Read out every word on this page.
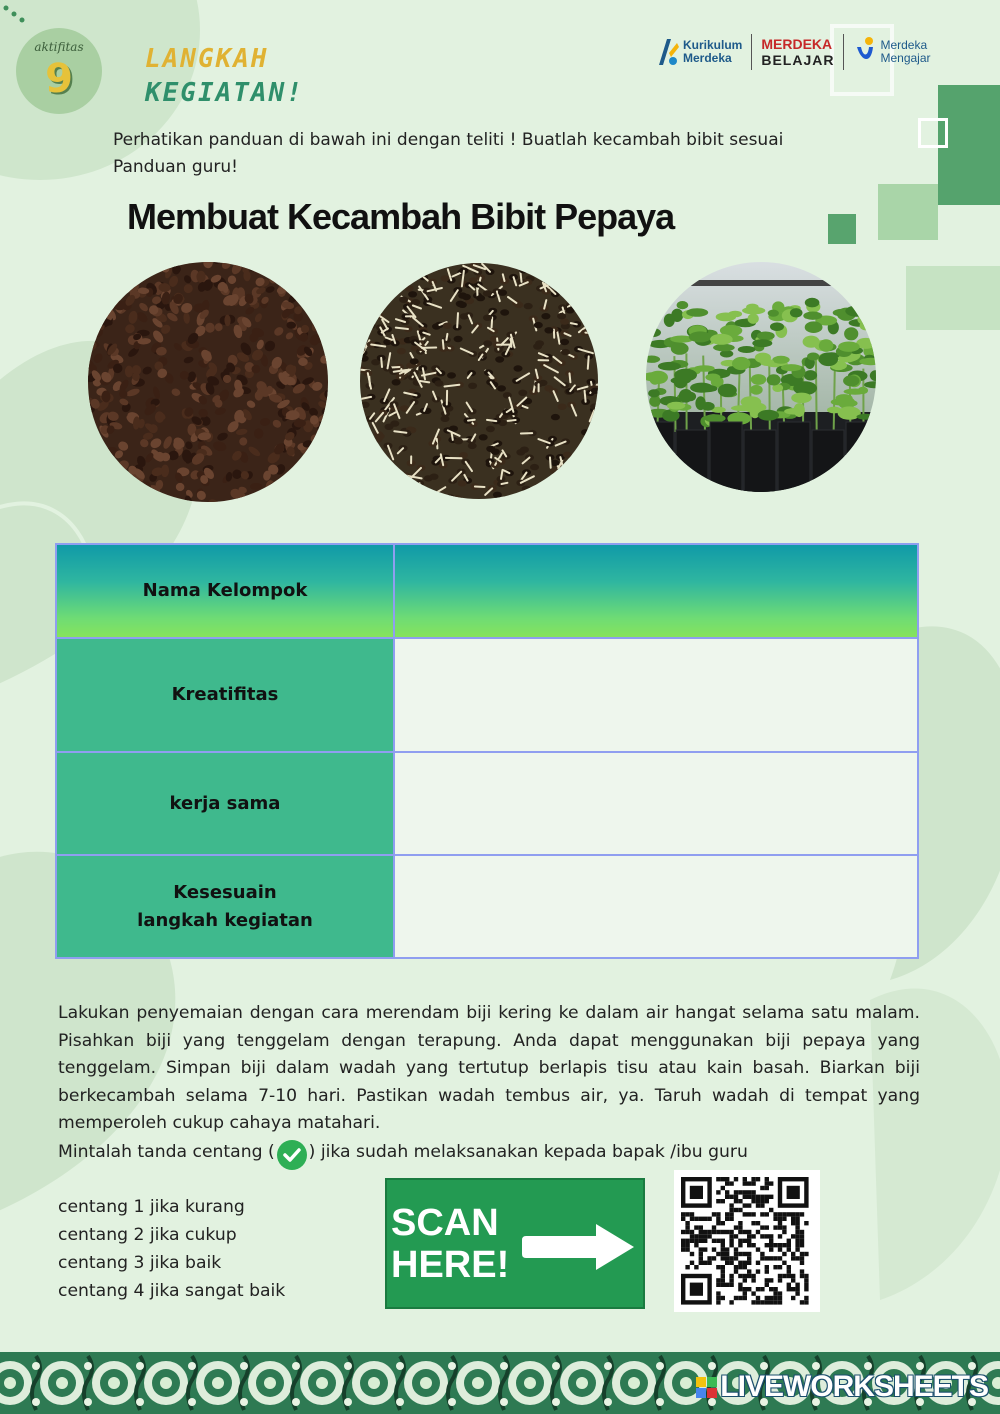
aktifitas
9	LANGKAH
KEGIATAN!
Kurikulum
Merdeka
MERDEKA
BELAJAR
Merdeka
Mengajar

Perhatikan panduan di bawah ini dengan teliti ! Buatlah kecambah bibit sesuai Panduan guru!

Membuat Kecambah Bibit Pepaya
Nama Kelompok	
Kreatifitas	
kerja sama	

Kesesuain
langkah kegiatan

Lakukan penyemaian dengan cara merendam biji kering ke dalam air hangat selama satu malam. Pisahkan biji yang tenggelam dengan terapung. Anda dapat menggunakan biji pepaya yang tenggelam. Simpan biji dalam wadah yang tertutup berlapis tisu atau kain basah. Biarkan biji berkecambah selama 7-10 hari. Pastikan wadah tembus air, ya. Taruh wadah di tempat yang memperoleh cukup cahaya matahari.

Mintalah tanda centang ( ) jika sudah melaksanakan kepada bapak /ibu guru
centang 1 jika kurang
centang 2 jika cukup
centang 3 jika baik
centang 4 jika sangat baik
SCAN
HERE!
LIVEWORKSHEETS
